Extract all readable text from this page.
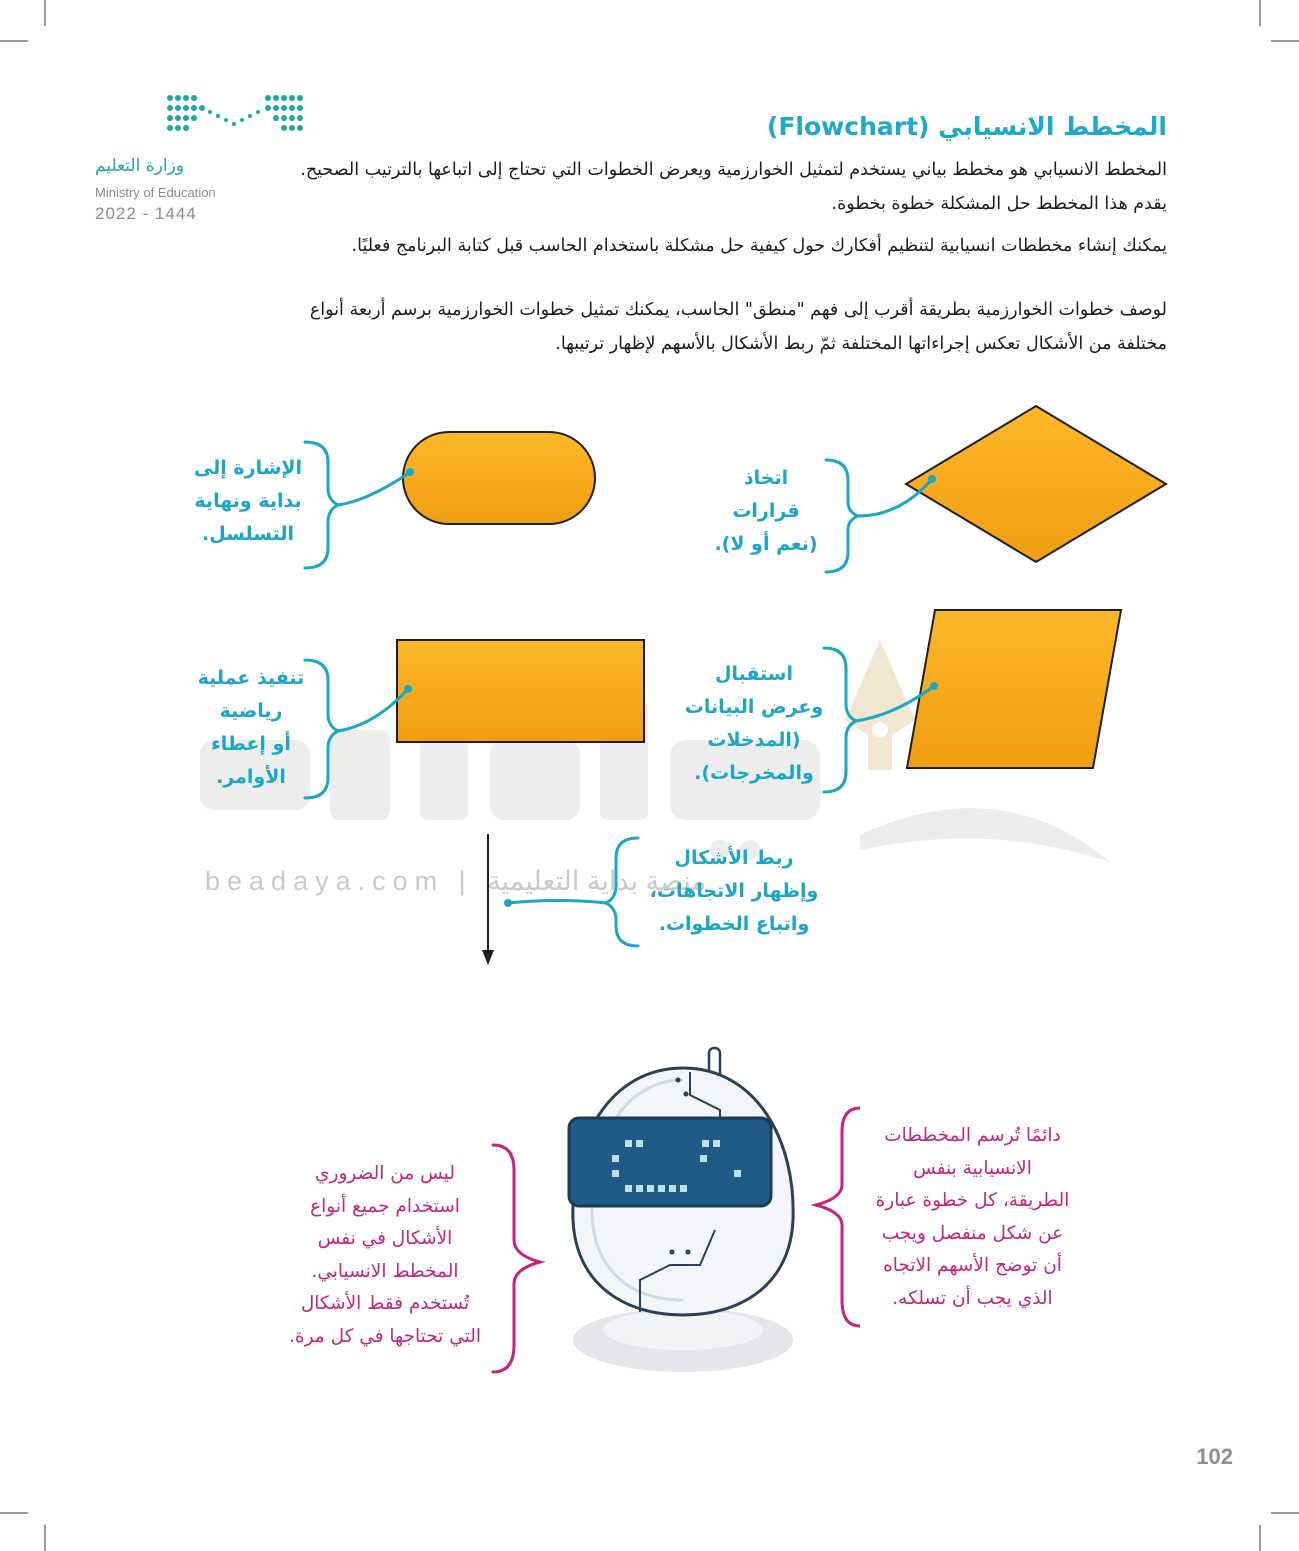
beadaya.com | منصة بداية التعليمية
وزارة التعليم
Ministry of Education
2022 - 1444
المخطط الانسيابي (Flowchart)
المخطط الانسيابي هو مخطط بياني يستخدم لتمثيل الخوارزمية ويعرض الخطوات التي تحتاج إلى اتباعها بالترتيب الصحيح.
يقدم هذا المخطط حل المشكلة خطوة بخطوة.
يمكنك إنشاء مخططات انسيابية لتنظيم أفكارك حول كيفية حل مشكلة باستخدام الحاسب قبل كتابة البرنامج فعليًا.
لوصف خطوات الخوارزمية بطريقة أقرب إلى فهم "منطق" الحاسب، يمكنك تمثيل خطوات الخوارزمية برسم أربعة أنواع
مختلفة من الأشكال تعكس إجراءاتها المختلفة ثمّ ربط الأشكال بالأسهم لإظهار ترتيبها.
الإشارة إلى
بداية ونهاية
التسلسل.
اتخاذ
قرارات
(نعم أو لا).
تنفيذ عملية
رياضية
أو إعطاء
الأوامر.
استقبال
وعرض البيانات
(المدخلات
والمخرجات).
ربط الأشكال
وإظهار الاتجاهات،
واتباع الخطوات.
ليس من الضروري
استخدام جميع أنواع
الأشكال في نفس
المخطط الانسيابي.
تُستخدم فقط الأشكال
التي تحتاجها في كل مرة.
دائمًا تُرسم المخططات
الانسيابية بنفس
الطريقة، كل خطوة عبارة
عن شكل منفصل ويجب
أن توضح الأسهم الاتجاه
الذي يجب أن تسلكه.
102
